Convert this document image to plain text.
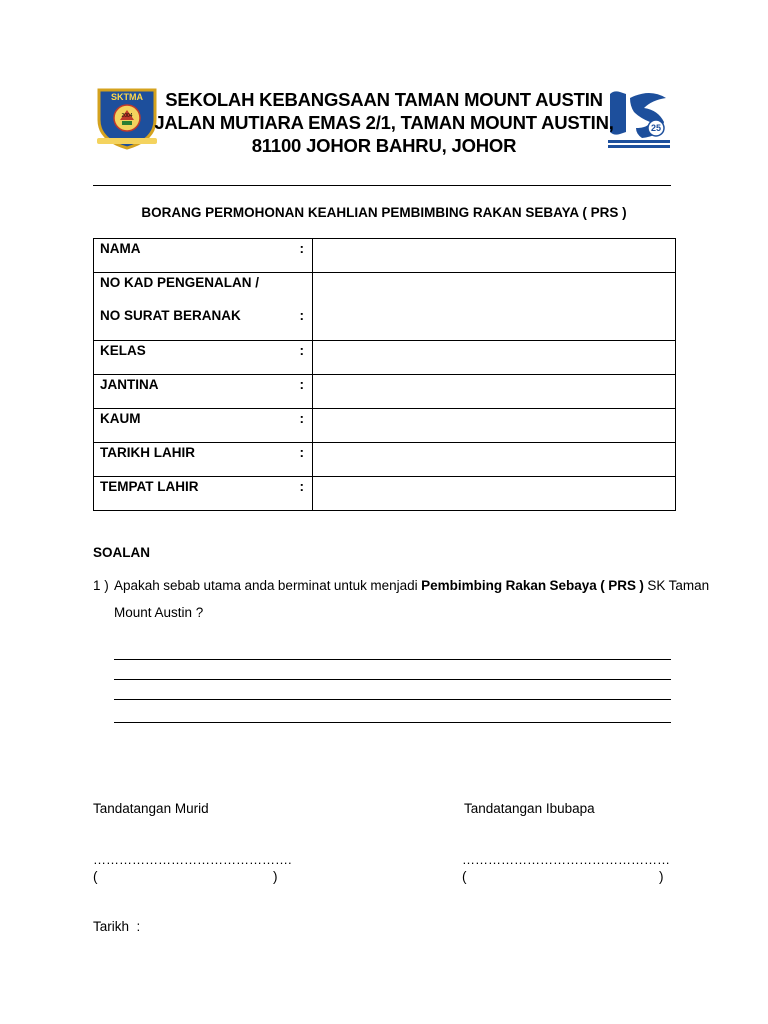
SKTMA
2004
25
SEKOLAH KEBANGSAAN TAMAN MOUNT AUSTIN
JALAN MUTIARA EMAS 2/1, TAMAN MOUNT AUSTIN,
81100 JOHOR BAHRU, JOHOR
BORANG PERMOHONAN KEAHLIAN PEMBIMBING RAKAN SEBAYA ( PRS )
NAMA :	

NO KAD PENGENALAN /
NO SURAT BERANAK :	

KELAS :	

JANTINA :	

KAUM :	

TARIKH LAHIR :	

TEMPAT LAHIR :	

SOALAN
1 ) Apakah sebab utama anda berminat untuk menjadi Pembimbing Rakan Sebaya ( PRS ) SK Taman
Mount Austin ?
Tandatangan Murid	Tandatangan Ibubapa
……………………………………….	…………………………………………
(	)	(	)
Tarikh  :
